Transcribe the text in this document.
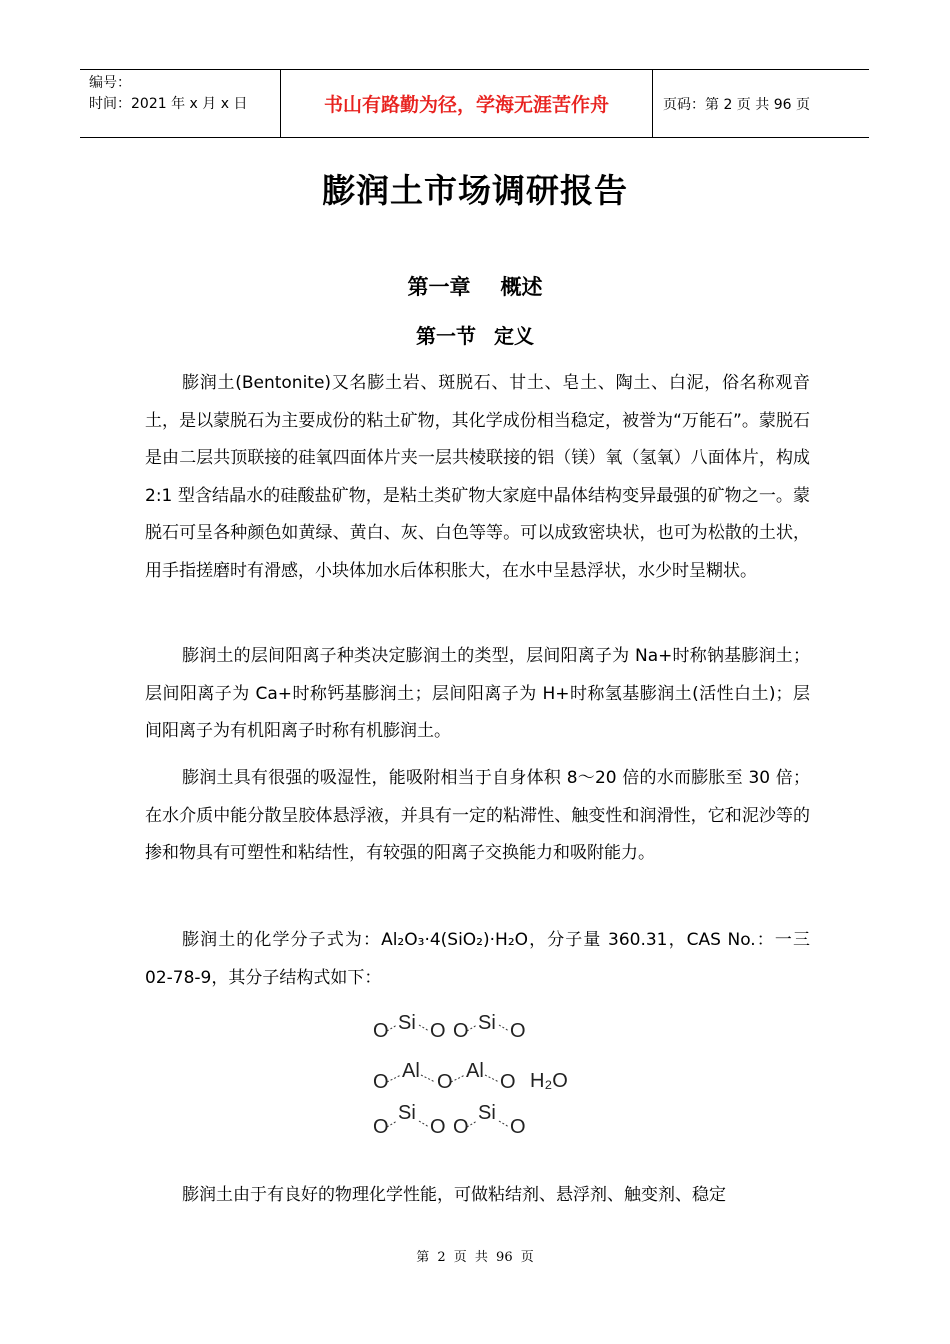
编号：
时间：2021 年 x 月 x 日	书山有路勤为径，学海无涯苦作舟	页码：第 2 页 共 96 页
膨润土市场调研报告
第一章 概述
第一节 定义

膨润土(Bentonite)又名膨土岩、斑脱石、甘土、皂土、陶土、白泥，俗名称观音土，是以蒙脱石为主要成份的粘土矿物，其化学成份相当稳定，被誉为“万能石”。蒙脱石是由二层共顶联接的硅氧四面体片夹一层共棱联接的铝（镁）氧（氢氧）八面体片，构成 2:1 型含结晶水的硅酸盐矿物，是粘土类矿物大家庭中晶体结构变异最强的矿物之一。蒙脱石可呈各种颜色如黄绿、黄白、灰、白色等等。可以成致密块状，也可为松散的土状，用手指搓磨时有滑感，小块体加水后体积胀大，在水中呈悬浮状，水少时呈糊状。

膨润土的层间阳离子种类决定膨润土的类型，层间阳离子为 Na+时称钠基膨润土；层间阳离子为 Ca+时称钙基膨润土；层间阳离子为 H+时称氢基膨润土(活性白土)；层间阳离子为有机阳离子时称有机膨润土。

膨润土具有很强的吸湿性，能吸附相当于自身体积 8～20 倍的水而膨胀至 30 倍；在水介质中能分散呈胶体悬浮液，并具有一定的粘滞性、触变性和润滑性，它和泥沙等的掺和物具有可塑性和粘结性，有较强的阳离子交换能力和吸附能力。

膨润土的化学分子式为：Al₂O₃·4(SiO₂)·H₂O，分子量 360.31，CAS No.：一三 02-78-9，其分子结构式如下：

O Si O O Si O
O Al O Al O H₂O
O
Si
O O
Si
O

膨润土由于有良好的物理化学性能，可做粘结剂、悬浮剂、触变剂、稳定

第 2 页 共 96 页
